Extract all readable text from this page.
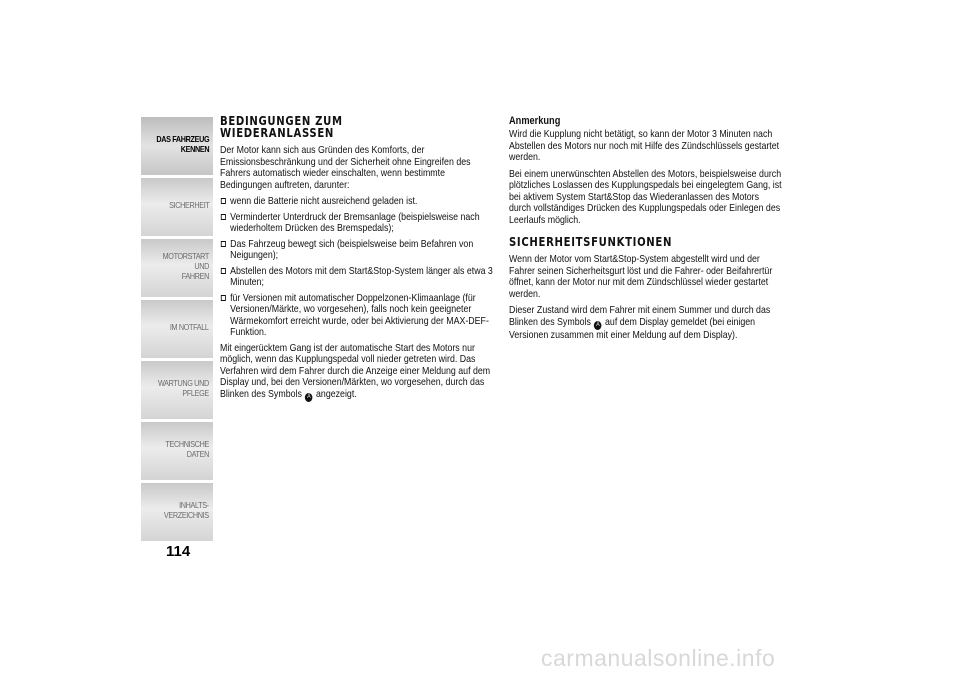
DAS FAHRZEUG
KENNEN
SICHERHEIT
MOTORSTART UND
FAHREN
IM NOTFALL
WARTUNG UND
PFLEGE
TECHNISCHE DATEN
INHALTS-
VERZEICHNIS
114
BEDINGUNGEN ZUM WIEDERANLASSEN

Der Motor kann sich aus Gründen des Komforts, der Emissionsbeschränkung und der Sicherheit ohne Eingreifen des Fahrers automatisch wieder einschalten, wenn bestimmte Bedingungen auftreten, darunter:

wenn die Batterie nicht ausreichend geladen ist.
Verminderter Unterdruck der Bremsanlage (beispielsweise nach wiederholtem Drücken des Bremspedals);
Das Fahrzeug bewegt sich (beispielsweise beim Befahren von Neigungen);
Abstellen des Motors mit dem Start&Stop-System länger als etwa 3 Minuten;
für Versionen mit automatischer Doppelzonen-Klimaanlage (für Versionen/Märkte, wo vorgesehen), falls noch kein geeigneter Wärmekomfort erreicht wurde, oder bei Aktivierung der MAX-DEF-Funktion.

Mit eingerücktem Gang ist der automatische Start des Motors nur möglich, wenn das Kupplungspedal voll nieder getreten wird. Das Verfahren wird dem Fahrer durch die Anzeige einer Meldung auf dem Display und, bei den Versionen/Märkten, wo vorgesehen, durch das Blinken des Symbols A angezeigt.

Anmerkung

Wird die Kupplung nicht betätigt, so kann der Motor 3 Minuten nach Abstellen des Motors nur noch mit Hilfe des Zündschlüssels gestartet werden.

Bei einem unerwünschten Abstellen des Motors, beispielsweise durch plötzliches Loslassen des Kupplungspedals bei eingelegtem Gang, ist bei aktivem System Start&Stop das Wiederanlassen des Motors durch vollständiges Drücken des Kupplungspedals oder Einlegen des Leerlaufs möglich.

SICHERHEITSFUNKTIONEN

Wenn der Motor vom Start&Stop-System abgestellt wird und der Fahrer seinen Sicherheitsgurt löst und die Fahrer- oder Beifahrertür öffnet, kann der Motor nur mit dem Zündschlüssel wieder gestartet werden.

Dieser Zustand wird dem Fahrer mit einem Summer und durch das Blinken des Symbols A auf dem Display gemeldet (bei einigen Versionen zusammen mit einer Meldung auf dem Display).

carmanualsonline.info
